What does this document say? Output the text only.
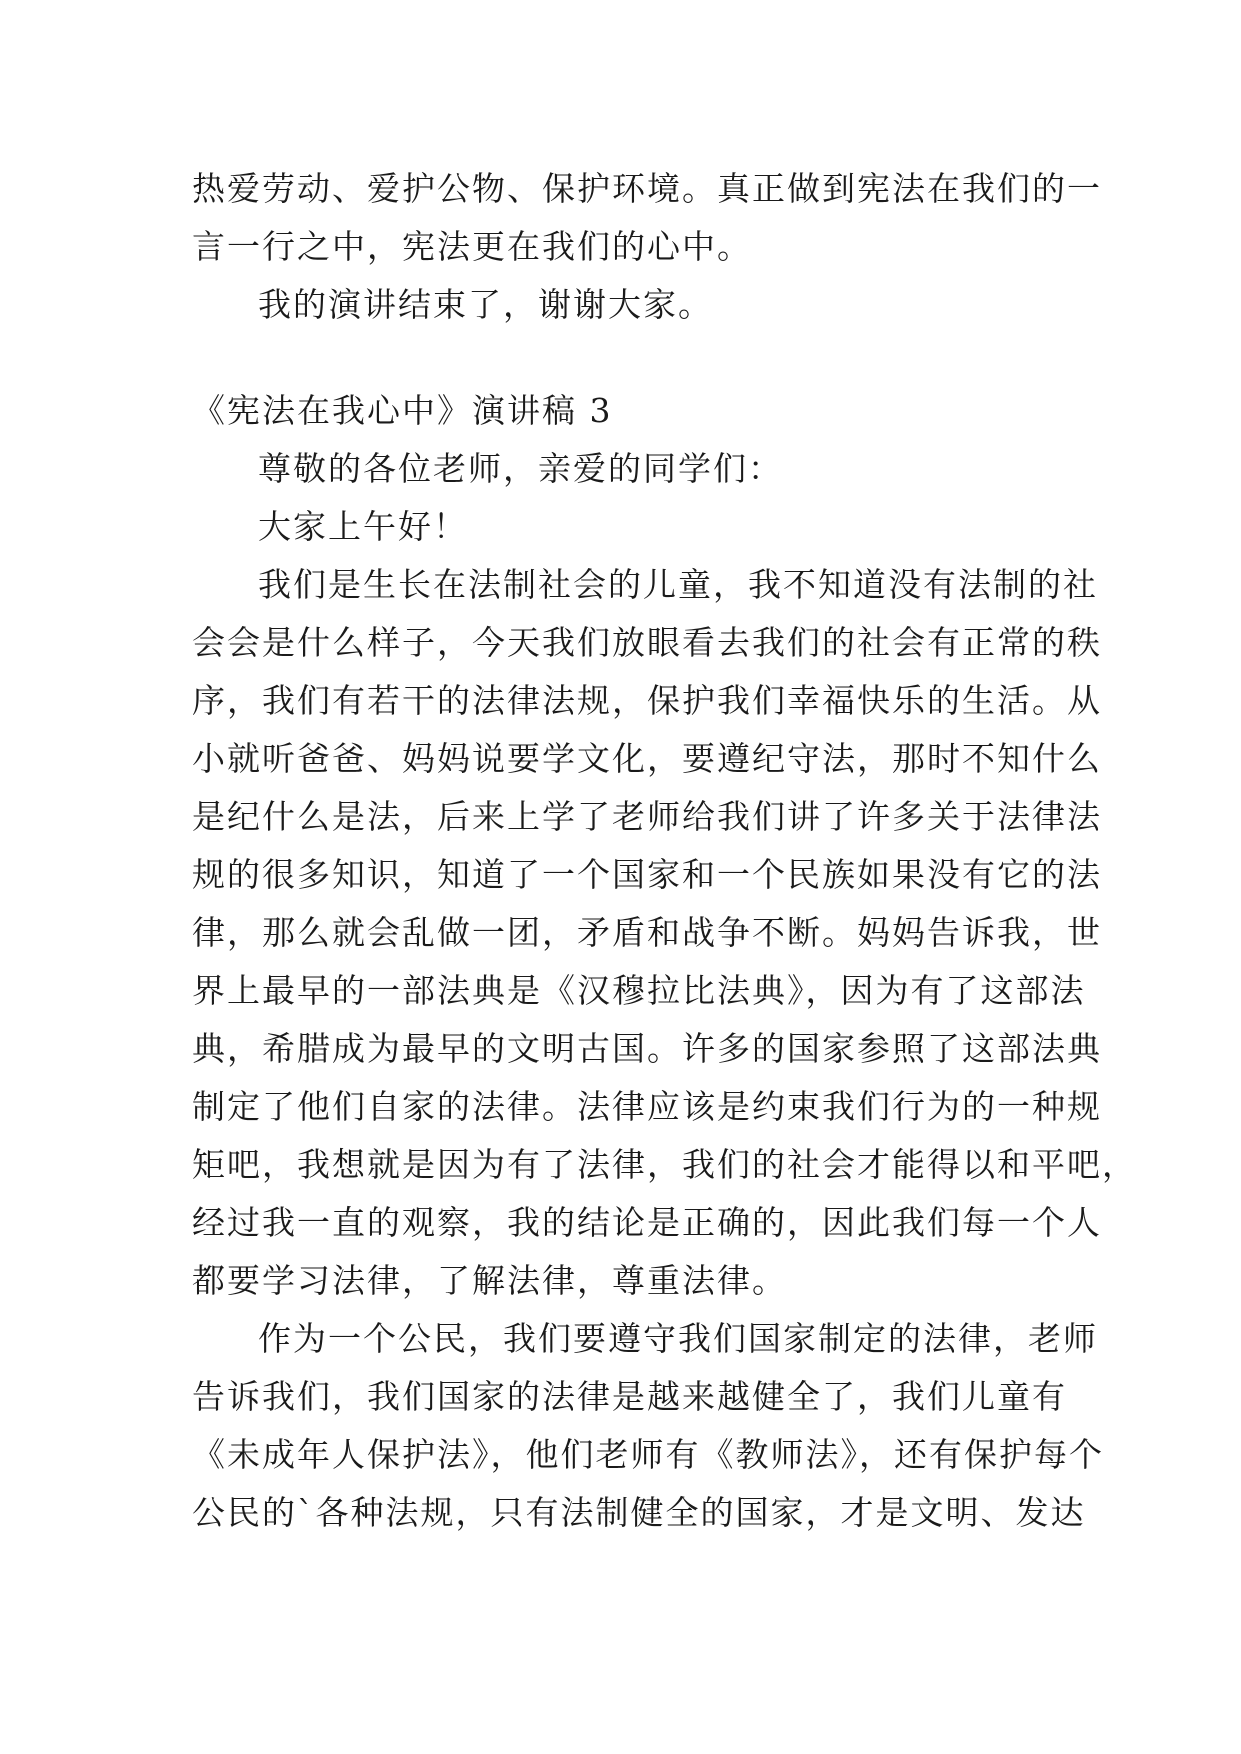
热爱劳动、爱护公物、保护环境。真正做到宪法在我们的一
言一行之中，宪法更在我们的心中。
我的演讲结束了，谢谢大家。
《宪法在我心中》演讲稿 3
尊敬的各位老师，亲爱的同学们：
大家上午好！
我们是生长在法制社会的儿童，我不知道没有法制的社
会会是什么样子，今天我们放眼看去我们的社会有正常的秩
序，我们有若干的法律法规，保护我们幸福快乐的生活。从
小就听爸爸、妈妈说要学文化，要遵纪守法，那时不知什么
是纪什么是法，后来上学了老师给我们讲了许多关于法律法
规的很多知识，知道了一个国家和一个民族如果没有它的法
律，那么就会乱做一团，矛盾和战争不断。妈妈告诉我，世
界上最早的一部法典是《汉穆拉比法典》，因为有了这部法
典，希腊成为最早的文明古国。许多的国家参照了这部法典
制定了他们自家的法律。法律应该是约束我们行为的一种规
矩吧，我想就是因为有了法律，我们的社会才能得以和平吧，
经过我一直的观察，我的结论是正确的，因此我们每一个人
都要学习法律，了解法律，尊重法律。
作为一个公民，我们要遵守我们国家制定的法律，老师
告诉我们，我们国家的法律是越来越健全了，我们儿童有
《未成年人保护法》，他们老师有《教师法》，还有保护每个
公民的`各种法规，只有法制健全的国家，才是文明、发达
